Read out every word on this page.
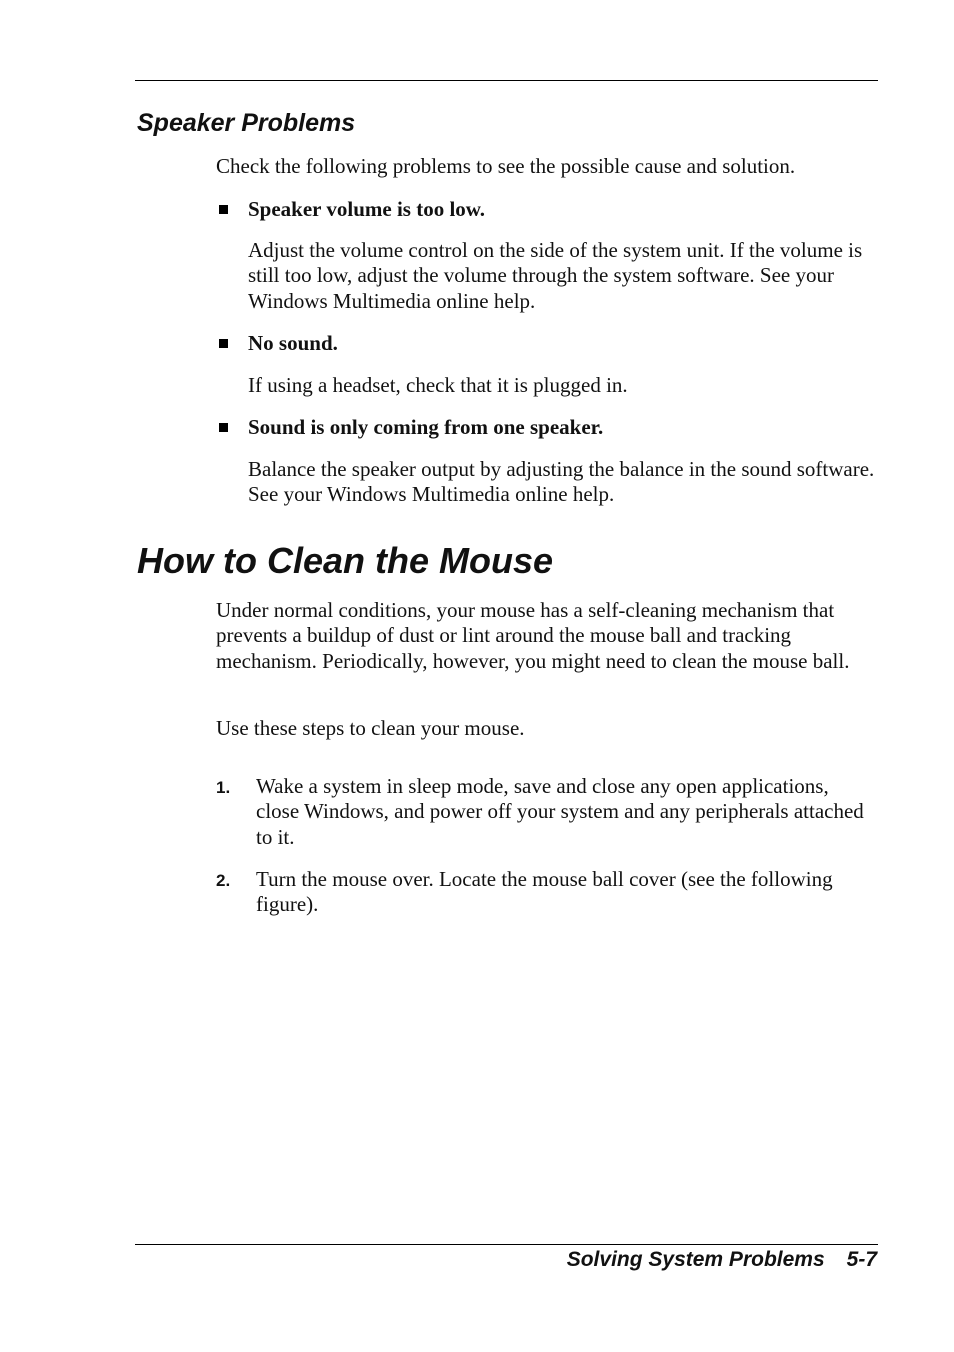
Speaker Problems

Check the following problems to see the possible cause and solution.

Speaker volume is too low.

Adjust the volume control on the side of the system unit. If the volume is still too low, adjust the volume through the system software. See your Windows Multimedia online help.

No sound.

If using a headset, check that it is plugged in.

Sound is only coming from one speaker.

Balance the speaker output by adjusting the balance in the sound software. See your Windows Multimedia online help.

How to Clean the Mouse

Under normal conditions, your mouse has a self-cleaning mechanism that prevents a buildup of dust or lint around the mouse ball and tracking mechanism. Periodically, however, you might need to clean the mouse ball.

Use these steps to clean your mouse.

1. Wake a system in sleep mode, save and close any open applications, close Windows, and power off your system and any peripherals attached to it.

2. Turn the mouse over. Locate the mouse ball cover (see the following figure).

Solving System Problems 5-7
